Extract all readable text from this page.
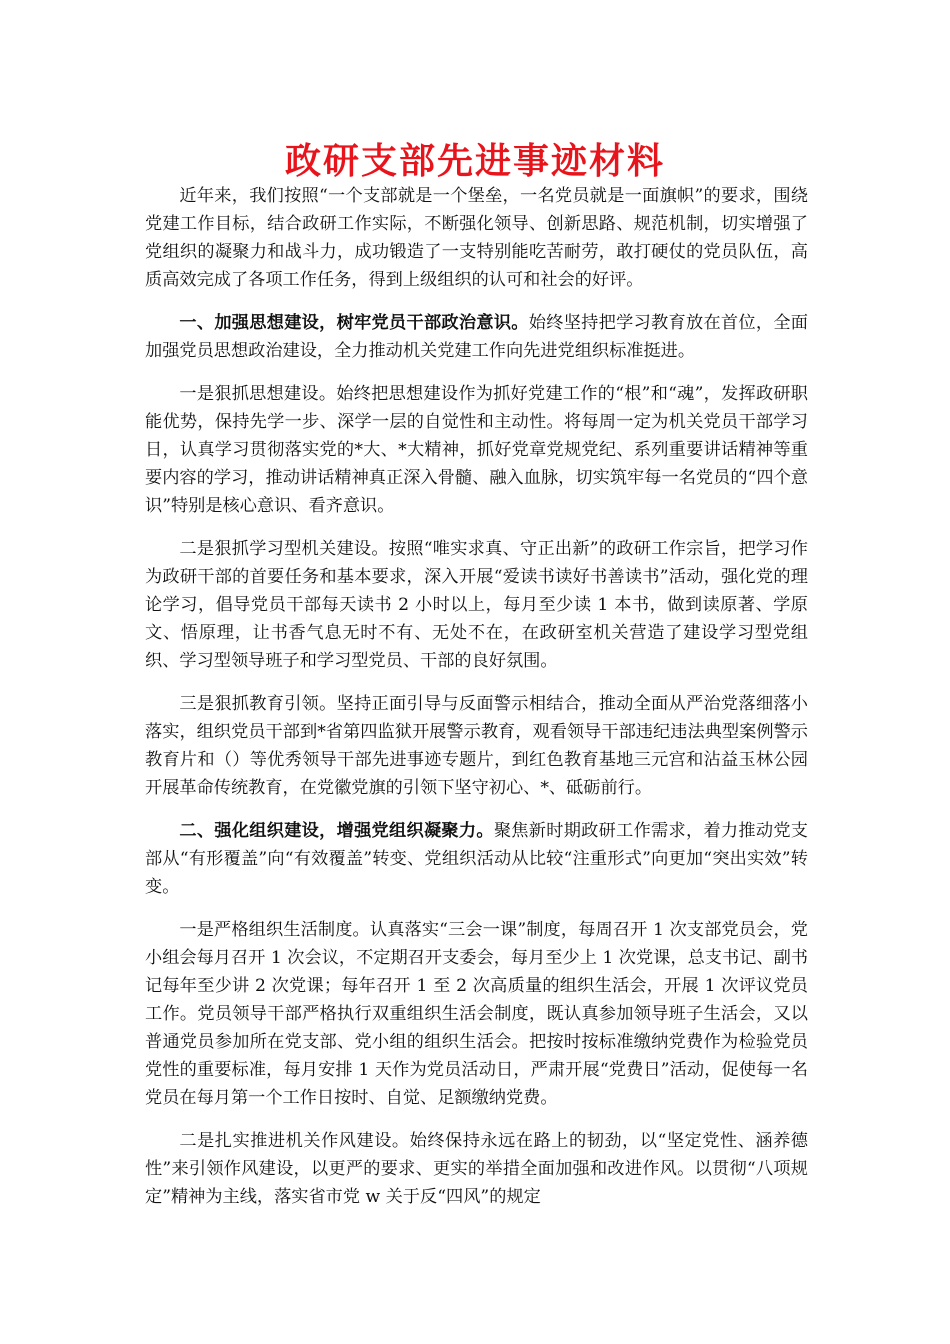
政研支部先进事迹材料

近年来，我们按照“一个支部就是一个堡垒，一名党员就是一面旗帜”的要求，围绕党建工作目标，结合政研工作实际，不断强化领导、创新思路、规范机制，切实增强了党组织的凝聚力和战斗力，成功锻造了一支特别能吃苦耐劳，敢打硬仗的党员队伍，高质高效完成了各项工作任务，得到上级组织的认可和社会的好评。

一、加强思想建设，树牢党员干部政治意识。始终坚持把学习教育放在首位，全面加强党员思想政治建设，全力推动机关党建工作向先进党组织标准挺进。

一是狠抓思想建设。始终把思想建设作为抓好党建工作的“根”和“魂”，发挥政研职能优势，保持先学一步、深学一层的自觉性和主动性。将每周一定为机关党员干部学习日，认真学习贯彻落实党的*大、*大精神，抓好党章党规党纪、系列重要讲话精神等重要内容的学习，推动讲话精神真正深入骨髓、融入血脉，切实筑牢每一名党员的“四个意识”特别是核心意识、看齐意识。

二是狠抓学习型机关建设。按照“唯实求真、守正出新”的政研工作宗旨，把学习作为政研干部的首要任务和基本要求，深入开展“爱读书读好书善读书”活动，强化党的理论学习，倡导党员干部每天读书 2 小时以上，每月至少读 1 本书，做到读原著、学原文、悟原理，让书香气息无时不有、无处不在，在政研室机关营造了建设学习型党组织、学习型领导班子和学习型党员、干部的良好氛围。

三是狠抓教育引领。坚持正面引导与反面警示相结合，推动全面从严治党落细落小落实，组织党员干部到*省第四监狱开展警示教育，观看领导干部违纪违法典型案例警示教育片和（）等优秀领导干部先进事迹专题片，到红色教育基地三元宫和沾益玉林公园开展革命传统教育，在党徽党旗的引领下坚守初心、*、砥砺前行。

二、强化组织建设，增强党组织凝聚力。聚焦新时期政研工作需求，着力推动党支部从“有形覆盖”向“有效覆盖”转变、党组织活动从比较“注重形式”向更加“突出实效”转变。

一是严格组织生活制度。认真落实“三会一课”制度，每周召开 1 次支部党员会，党小组会每月召开 1 次会议，不定期召开支委会，每月至少上 1 次党课，总支书记、副书记每年至少讲 2 次党课；每年召开 1 至 2 次高质量的组织生活会，开展 1 次评议党员工作。党员领导干部严格执行双重组织生活会制度，既认真参加领导班子生活会，又以普通党员参加所在党支部、党小组的组织生活会。把按时按标准缴纳党费作为检验党员党性的重要标准，每月安排 1 天作为党员活动日，严肃开展“党费日”活动，促使每一名党员在每月第一个工作日按时、自觉、足额缴纳党费。

二是扎实推进机关作风建设。始终保持永远在路上的韧劲，以“坚定党性、涵养德性”来引领作风建设，以更严的要求、更实的举措全面加强和改进作风。以贯彻“八项规定”精神为主线，落实省市党 w 关于反“四风”的规定
